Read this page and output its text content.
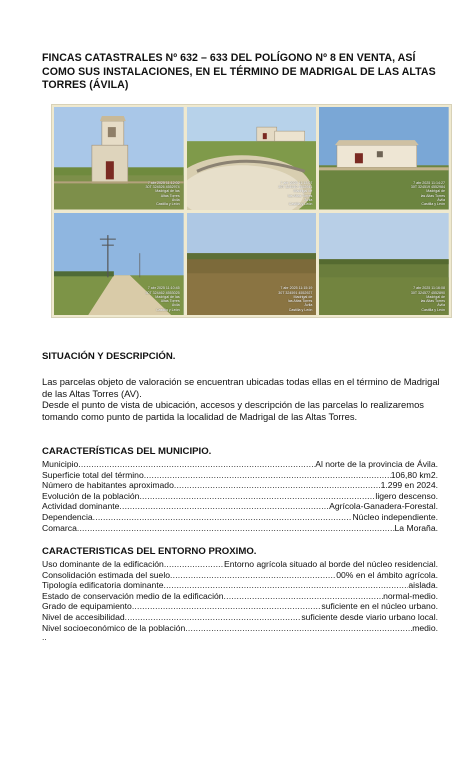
FINCAS CATASTRALES Nº 632 – 633 DEL POLÍGONO Nº 8 EN VENTA, ASÍ COMO SUS INSTALACIONES, EN EL TÉRMINO DE MADRIGAL DE LAS ALTAS TORRES (ÁVILA)
7 abr 2025 11:12:02
30T 324526 4552974
Madrigal de las
Altas Torres
Ávila
Castilla y León
7 abr 2025 11:13:07
30T 324540 4552941
Madrigal de
las Altas Torres
Ávila
Castilla y León
7 abr 2025 11:14:27
30T 324519 4552984
Madrigal de
las Altas Torres
Ávila
Castilla y León
7 abr 2025 11:10:45
30T 324462 4553025
Madrigal de las
Altas Torres
Ávila
Castilla y León
7 abr 2025 11:15:19
30T 324591 4552927
Madrigal de
las Altas Torres
Ávila
Castilla y León
7 abr 2025 11:16:08
30T 324577 4552890
Madrigal de
las Altas Torres
Ávila
Castilla y León
SITUACIÓN Y DESCRIPCIÓN.

Las parcelas objeto de valoración se encuentran ubicadas todas ellas en el término de Madrigal de las Altas Torres (AV).

Desde el punto de vista de ubicación, accesos y descripción de las parcelas lo realizaremos tomando como punto de partida la localidad de Madrigal de las Altas Torres.

CARACTERÍSTICAS DEL MUNICIPIO.
Municipio .....	Al norte de la provincia de Ávila.
Superficie total del término .....	106,80 km2.
Número de habitantes aproximado .....	1.299 en 2024.
Evolución de la población .....	ligero descenso.
Actividad dominante .....	Agrícola-Ganadera-Forestal.
Dependencia .....	Núcleo independiente.
Comarca .....	La Moraña.
CARACTERISTICAS DEL ENTORNO PROXIMO.
Uso dominante de la edificación .....	Entorno agrícola situado al borde del núcleo residencial.
Consolidación estimada del suelo .....	00% en el ámbito agrícola.
Tipología edificatoria dominante .....	aislada.
Estado de conservación medio de la edificación .....	normal-medio.
Grado de equipamiento .....	suficiente en el núcleo urbano.
Nivel de accesibilidad .....	suficiente desde viario urbano local.
Nivel socioeconómico de la población .....	medio.
..
